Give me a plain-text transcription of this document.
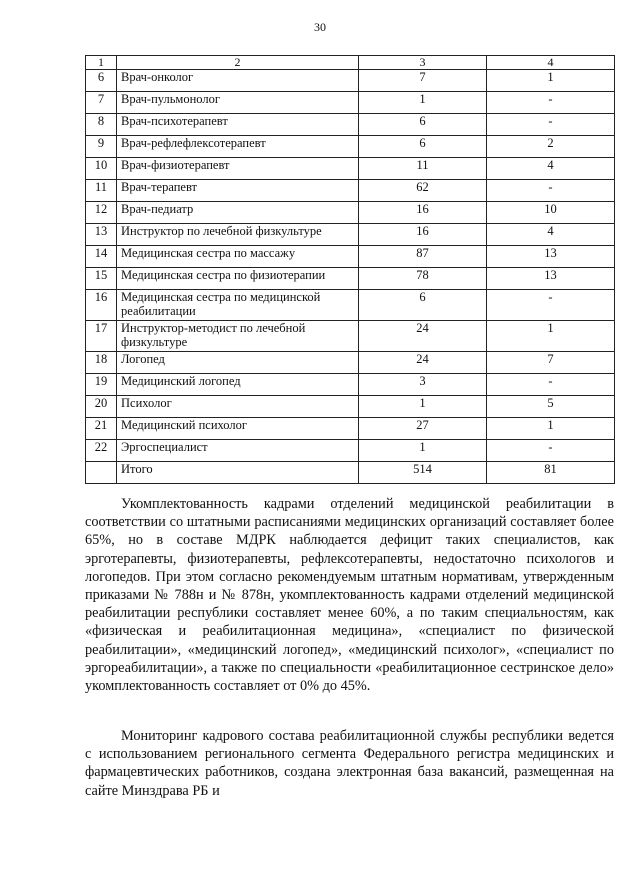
30
1	2	3	4
6	Врач-онколог	7	1
7	Врач-пульмонолог	1	-
8	Врач-психотерапевт	6	-
9	Врач-рефлефлексотерапевт	6	2
10	Врач-физиотерапевт	11	4
11	Врач-терапевт	62	-
12	Врач-педиатр	16	10
13	Инструктор по лечебной физкультуре	16	4
14	Медицинская сестра по массажу	87	13
15	Медицинская сестра по физиотерапии	78	13
16	Медицинская сестра по медицинской реабилитации	6	-
17	Инструктор-методист по лечебной физкультуре	24	1
18	Логопед	24	7
19	Медицинский логопед	3	-
20	Психолог	1	5
21	Медицинский психолог	27	1
22	Эргоспециалист	1	-
	Итого	514	81

Укомплектованность кадрами отделений медицинской реабилитации в соответствии со штатными расписаниями медицинских организаций составляет более 65%, но в составе МДРК наблюдается дефицит таких специалистов, как эрготерапевты, физиотерапевты, рефлексотерапевты, недостаточно психологов и логопедов. При этом согласно рекомендуемым штатным нормативам, утвержденным приказами № 788н и № 878н, укомплектованность кадрами отделений медицинской реабилитации республики составляет менее 60%, а по таким специальностям, как «физическая и реабилитационная медицина», «специалист по физической реабилитации», «медицинский логопед», «медицинский психолог», «специалист по эргореабилитации», а также по специальности «реабилитационное сестринское дело» укомплектованность составляет от 0% до 45%.

Мониторинг кадрового состава реабилитационной службы республики ведется с использованием регионального сегмента Федерального регистра медицинских и фармацевтических работников, создана электронная база вакансий, размещенная на сайте Минздрава РБ и
